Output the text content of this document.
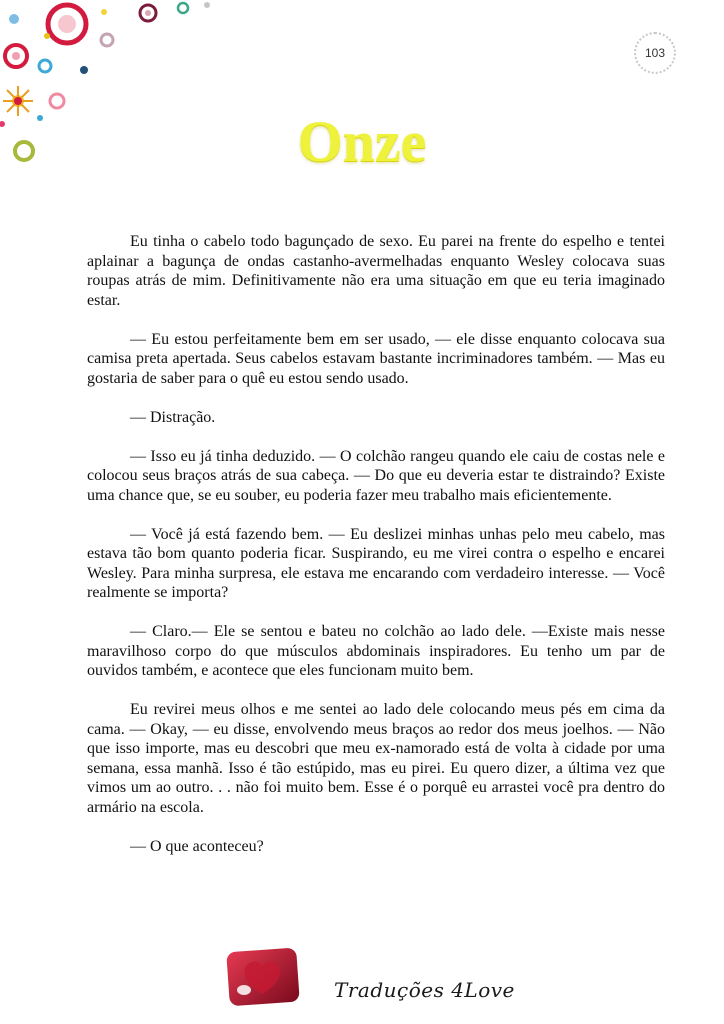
103
Onze

Eu tinha o cabelo todo bagunçado de sexo. Eu parei na frente do espelho e tentei aplainar a bagunça de ondas castanho-avermelhadas enquanto Wesley colocava suas roupas atrás de mim. Definitivamente não era uma situação em que eu teria imaginado estar.

— Eu estou perfeitamente bem em ser usado, — ele disse enquanto colocava sua camisa preta apertada. Seus cabelos estavam bastante incriminadores também. — Mas eu gostaria de saber para o quê eu estou sendo usado.

— Distração.

— Isso eu já tinha deduzido. — O colchão rangeu quando ele caiu de costas nele e colocou seus braços atrás de sua cabeça. — Do que eu deveria estar te distraindo? Existe uma chance que, se eu souber, eu poderia fazer meu trabalho mais eficientemente.

— Você já está fazendo bem. — Eu deslizei minhas unhas pelo meu cabelo, mas estava tão bom quanto poderia ficar. Suspirando, eu me virei contra o espelho e encarei Wesley. Para minha surpresa, ele estava me encarando com verdadeiro interesse. — Você realmente se importa?

— Claro.— Ele se sentou e bateu no colchão ao lado dele. —Existe mais nesse maravilhoso corpo do que músculos abdominais inspiradores. Eu tenho um par de ouvidos também, e acontece que eles funcionam muito bem.

Eu revirei meus olhos e me sentei ao lado dele colocando meus pés em cima da cama. — Okay, — eu disse, envolvendo meus braços ao redor dos meus joelhos. — Não que isso importe, mas eu descobri que meu ex-namorado está de volta à cidade por uma semana, essa manhã. Isso é tão estúpido, mas eu pirei. Eu quero dizer, a última vez que vimos um ao outro. . . não foi muito bem. Esse é o porquê eu arrastei você pra dentro do armário na escola.

— O que aconteceu?

Traduções 4Love
